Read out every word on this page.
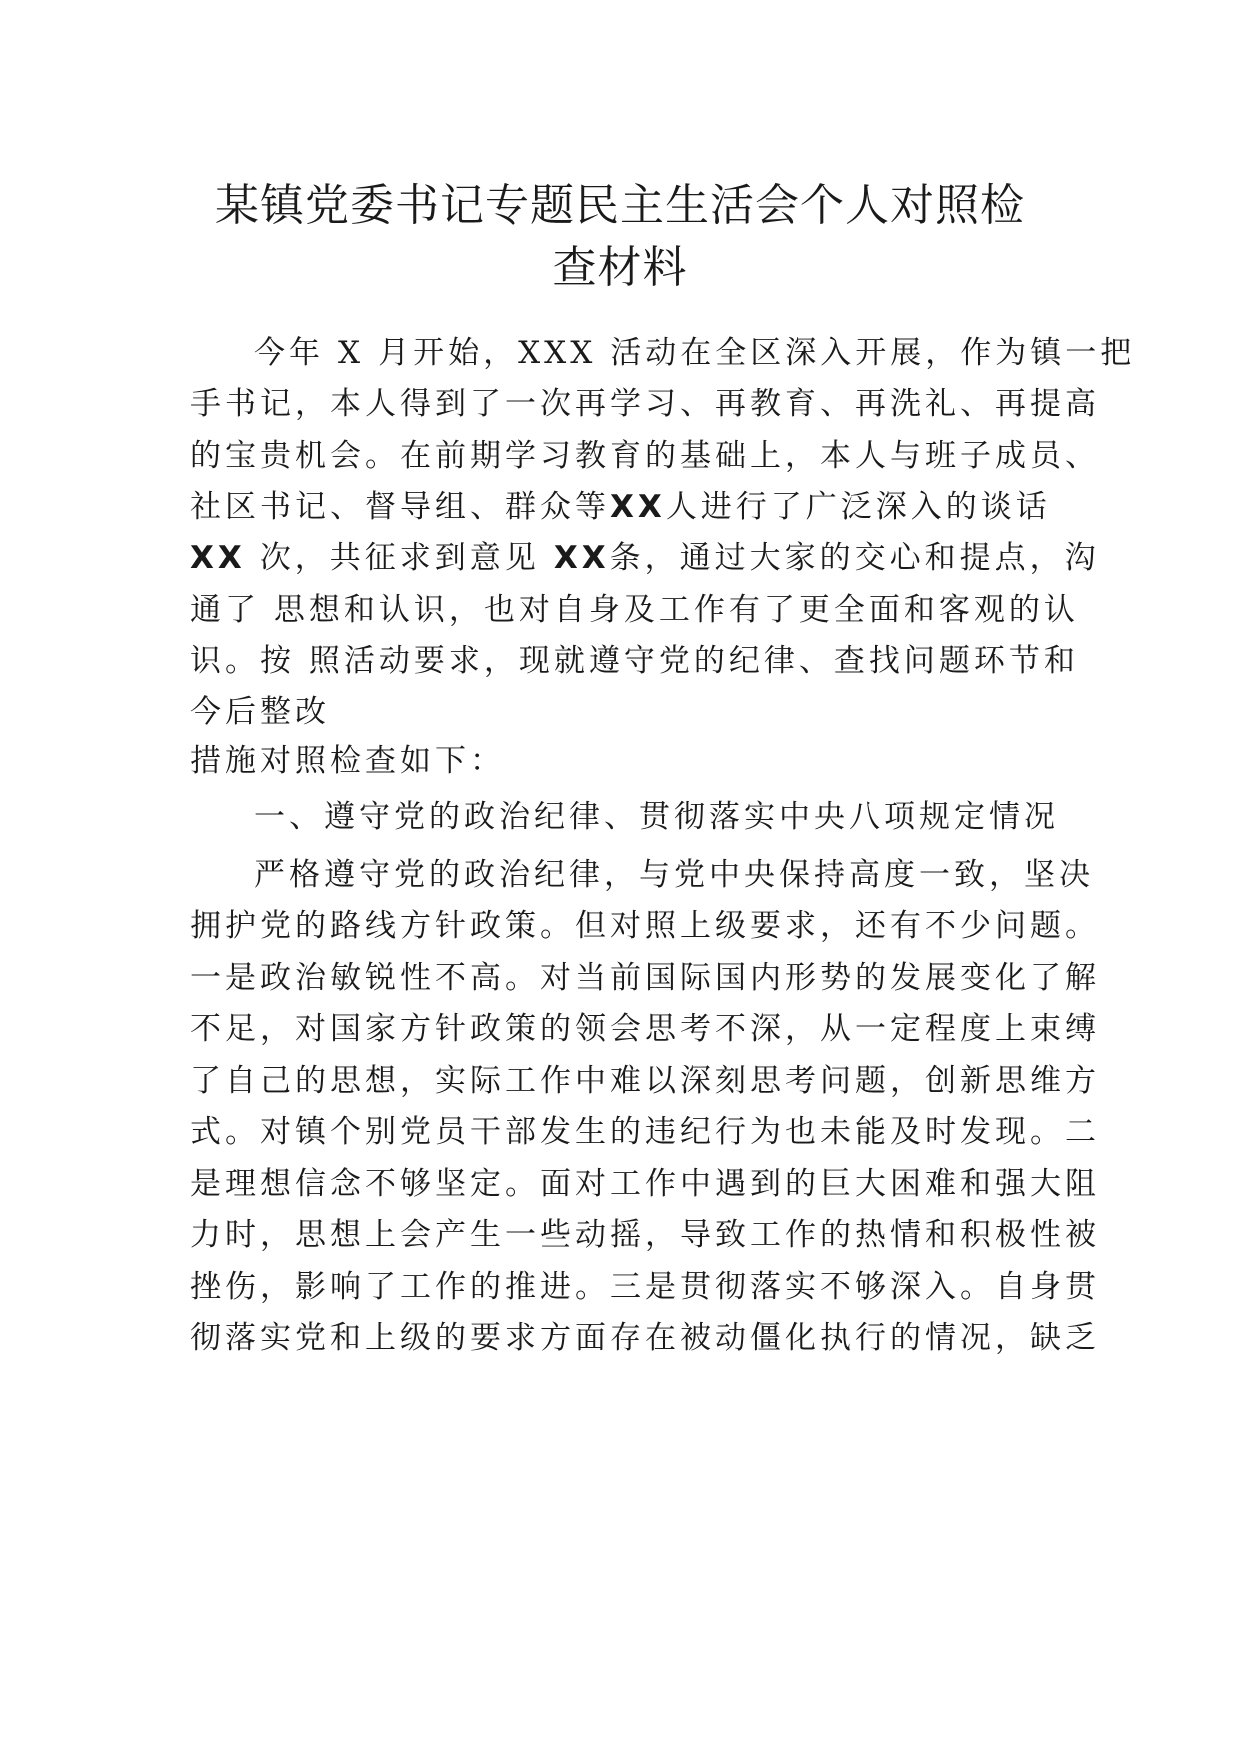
某镇党委书记专题民主生活会个人对照检
查材料

今年 X 月开始，XXX 活动在全区深入开展，作为镇一把

手书记，本人得到了一次再学习、再教育、再洗礼、再提高

的宝贵机会。在前期学习教育的基础上，本人与班子成员、

社区书记、督导组、群众等XX人进行了广泛深入的谈话

XX 次，共征求到意见 XX条，通过大家的交心和提点，沟

通了 思想和认识，也对自身及工作有了更全面和客观的认

识。按 照活动要求，现就遵守党的纪律、查找问题环节和

今后整改

措施对照检查如下：

一、遵守党的政治纪律、贯彻落实中央八项规定情况

严格遵守党的政治纪律，与党中央保持高度一致，坚决

拥护党的路线方针政策。但对照上级要求，还有不少问题。

一是政治敏锐性不高。对当前国际国内形势的发展变化了解

不足，对国家方针政策的领会思考不深，从一定程度上束缚

了自己的思想，实际工作中难以深刻思考问题，创新思维方

式。对镇个别党员干部发生的违纪行为也未能及时发现。二

是理想信念不够坚定。面对工作中遇到的巨大困难和强大阻

力时，思想上会产生一些动摇，导致工作的热情和积极性被

挫伤，影响了工作的推进。三是贯彻落实不够深入。自身贯

彻落实党和上级的要求方面存在被动僵化执行的情况，缺乏
